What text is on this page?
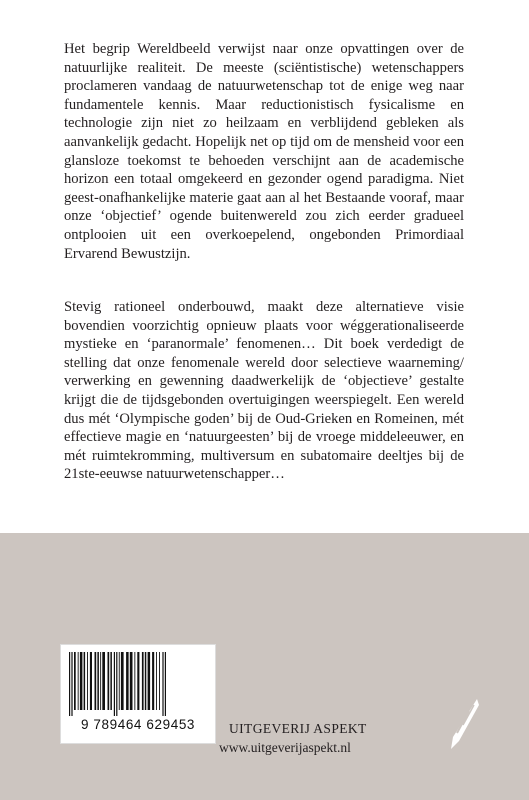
Het begrip Wereldbeeld verwijst naar onze opvattingen over de natuurlijke realiteit. De meeste (sciëntistische) wetenschappers proclameren vandaag de natuurwetenschap tot de enige weg naar fundamentele kennis. Maar reductionistisch fysicalisme en technologie zijn niet zo heilzaam en verblijdend gebleken als aanvankelijk gedacht. Hopelijk net op tijd om de mensheid voor een glansloze toekomst te behoeden verschijnt aan de academische horizon een totaal omgekeerd en gezonder ogend paradigma. Niet geest-onafhankelijke materie gaat aan al het Bestaande vooraf, maar onze ‘objectief’ ogende buitenwereld zou zich eerder gradueel ontplooien uit een overkoepelend, ongebonden Primordiaal Ervarend Bewustzijn.

Stevig rationeel onderbouwd, maakt deze alternatieve visie bovendien voorzichtig opnieuw plaats voor wéggerationaliseerde mystieke en ‘paranormale’ fenomenen… Dit boek verdedigt de stelling dat onze fenomenale wereld door selectieve waarneming/ verwerking en gewenning daadwerkelijk de ‘objectieve’ gestalte krijgt die de tijdsgebonden overtuigingen weerspiegelt. Een wereld dus mét ‘Olympische goden’ bij de Oud-Grieken en Romeinen, mét effectieve magie en ‘natuurgeesten’ bij de vroege middeleeuwer, en mét ruimtekromming, multiversum en subatomaire deeltjes bij de 21ste-eeuwse natuurwetenschapper…

9 789464 629453	UITGEVERIJ ASPEKT
www.uitgeverijaspekt.nl
